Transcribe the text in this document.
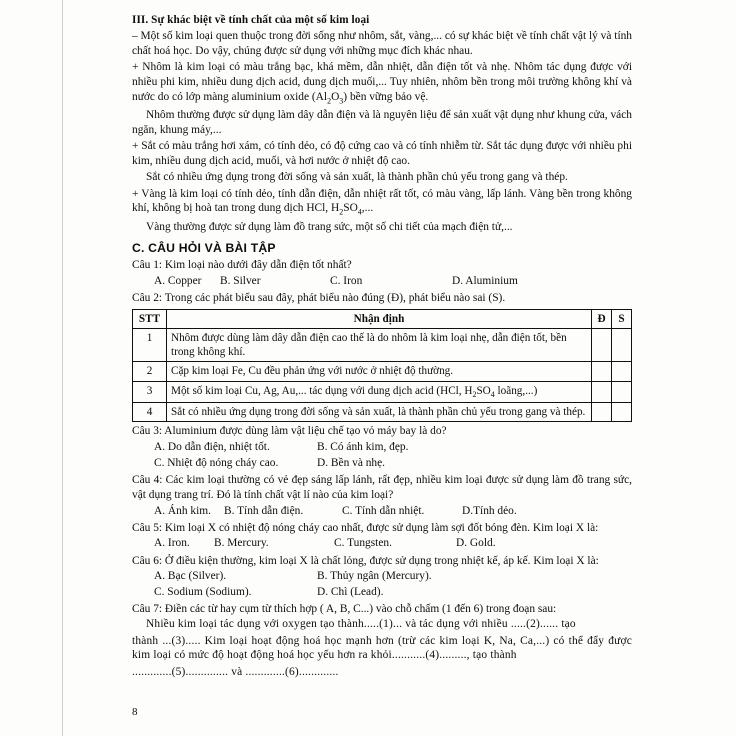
III. Sự khác biệt về tính chất của một số kim loại

– Một số kim loại quen thuộc trong đời sống như nhôm, sắt, vàng,... có sự khác biệt về tính chất vật lý và tính chất hoá học. Do vậy, chúng được sử dụng với những mục đích khác nhau.

+ Nhôm là kim loại có màu trắng bạc, khá mềm, dẫn nhiệt, dẫn điện tốt và nhẹ. Nhôm tác dụng được với nhiều phi kim, nhiều dung dịch acid, dung dịch muối,... Tuy nhiên, nhôm bền trong môi trường không khí và nước do có lớp màng aluminium oxide $(Al_2O_3)$ bền vững bảo vệ.

Nhôm thường được sử dụng làm dây dẫn điện và là nguyên liệu để sản xuất vật dụng như khung cửa, vách ngăn, khung máy,...

+ Sắt có màu trắng hơi xám, có tính dẻo, có độ cứng cao và có tính nhiễm từ. Sắt tác dụng được với nhiều phi kim, nhiều dung dịch acid, muối, và hơi nước ở nhiệt độ cao.

Sắt có nhiều ứng dụng trong đời sống và sản xuất, là thành phần chủ yếu trong gang và thép.

+ Vàng là kim loại có tính dẻo, tính dẫn điện, dẫn nhiệt rất tốt, có màu vàng, lấp lánh. Vàng bền trong không khí, không bị hoà tan trong dung dịch HCl, $H_2SO_4$,...

Vàng thường được sử dụng làm đồ trang sức, một số chi tiết của mạch điện tử,...

C. CÂU HỎI VÀ BÀI TẬP

Câu 1: Kim loại nào dưới đây dẫn điện tốt nhất?

A. Copper	B. Silver	C. Iron	D. Aluminium

Câu 2: Trong các phát biểu sau đây, phát biểu nào đúng (Đ), phát biểu nào sai (S).

STT	Nhận định	Đ	S
1	Nhôm được dùng làm dây dẫn điện cao thế là do nhôm là kim loại nhẹ, dẫn điện tốt, bền trong không khí.		
2	Cặp kim loại Fe, Cu đều phản ứng với nước ở nhiệt độ thường.		
3	Một số kim loại Cu, Ag, Au,... tác dụng với dung dịch acid (HCl, $H_2SO_4$ loãng,...)		
4	Sắt có nhiều ứng dụng trong đời sống và sản xuất, là thành phần chủ yếu trong gang và thép.		

Câu 3: Aluminium được dùng làm vật liệu chế tạo vỏ máy bay là do?

A. Do dẫn điện, nhiệt tốt.	B. Có ánh kim, đẹp.
C. Nhiệt độ nóng cháy cao.	D. Bền và nhẹ.

Câu 4: Các kim loại thường có vẻ đẹp sáng lấp lánh, rất đẹp, nhiều kim loại được sử dụng làm đồ trang sức, vật dụng trang trí. Đó là tính chất vật lí nào của kim loại?

A. Ánh kim.	B. Tính dẫn điện.	C. Tính dẫn nhiệt.	D.Tính dẻo.

Câu 5: Kim loại X có nhiệt độ nóng cháy cao nhất, được sử dụng làm sợi đốt bóng đèn. Kim loại X là:

A. Iron.	B. Mercury.	C. Tungsten.	D. Gold.

Câu 6: Ở điều kiện thường, kim loại X là chất lỏng, được sử dụng trong nhiệt kế, áp kế. Kim loại X là:

A. Bạc (Silver).	B. Thủy ngân (Mercury).
C. Sodium (Sodium).	D. Chì (Lead).

Câu 7: Điền các từ hay cụm từ thích hợp ( A, B, C...) vào chỗ chấm (1 đến 6) trong đoạn sau:

Nhiều kim loại tác dụng với oxygen tạo thành.....(1)... và tác dụng với nhiều .....(2)...... tạo

thành ...(3)..... Kim loại hoạt động hoá học mạnh hơn (trừ các kim loại K, Na, Ca,...) có thể đẩy được kim loại có mức độ hoạt động hoá học yếu hơn ra khỏi...........(4)........., tạo thành

.............(5).............. và .............(6).............

8
